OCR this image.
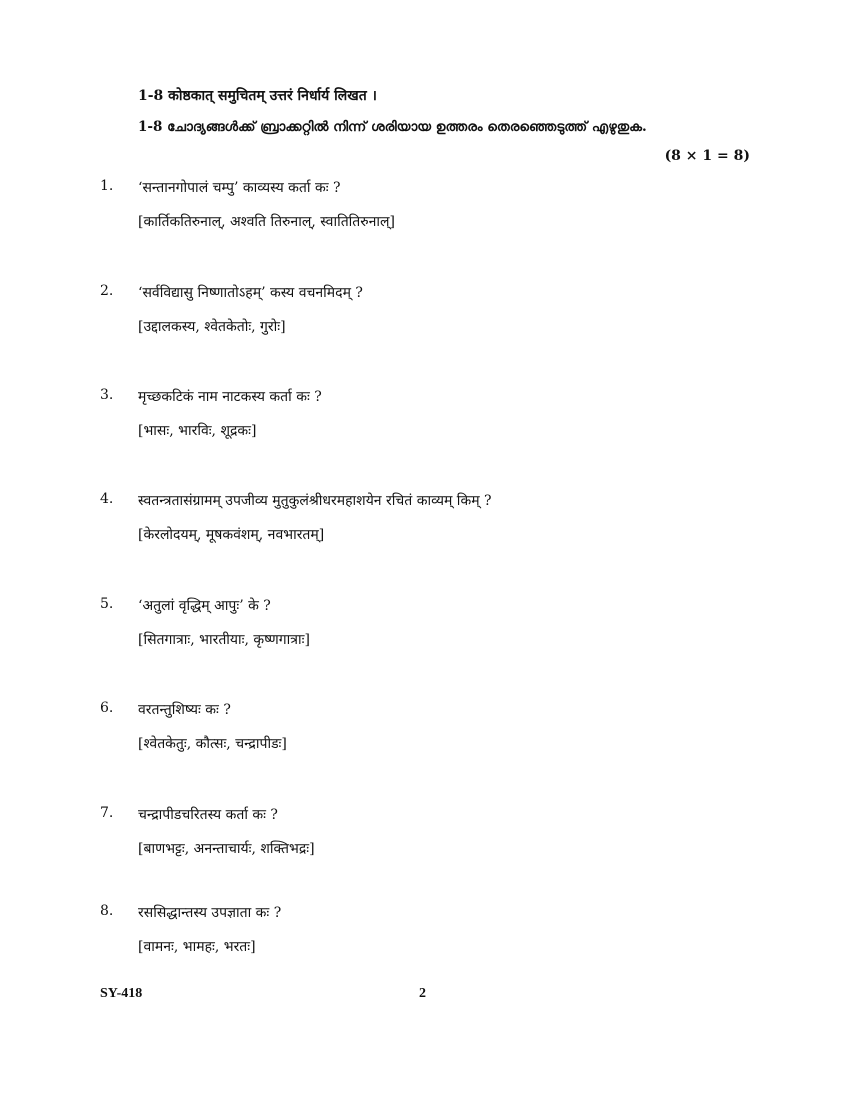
1-8 कोष्ठकात् समुचितम् उत्तरं निर्धार्य लिखत ।
1-8 ചോദ്യങ്ങൾക്ക് ബ്രാക്കറ്റിൽ നിന്ന് ശരിയായ ഉത്തരം തെരഞ്ഞെടുത്ത് എഴുതുക.
(8 × 1 = 8)
1. ‘सन्तानगोपालं चम्पु’ काव्यस्य कर्ता कः ?
[कार्तिकतिरुनाल्, अश्वति तिरुनाल्, स्वातितिरुनाल्]
2. ‘सर्वविद्यासु निष्णातोऽहम्’ कस्य वचनमिदम् ?
[उद्दालकस्य, श्वेतकेतोः, गुरोः]
3. मृच्छकटिकं नाम नाटकस्य कर्ता कः ?
[भासः, भारविः, शूद्रकः]
4. स्वतन्त्रतासंग्रामम् उपजीव्य मुतुकुलंश्रीधरमहाशयेन रचितं काव्यम् किम् ?
[केरलोदयम्, मूषकवंशम्, नवभारतम्]
5. ‘अतुलां वृद्धिम् आपुः’ के ?
[सितगात्राः, भारतीयाः, कृष्णगात्राः]
6. वरतन्तुशिष्यः कः ?
[श्वेतकेतुः, कौत्सः, चन्द्रापीडः]
7. चन्द्रापीडचरितस्य कर्ता कः ?
[बाणभट्टः, अनन्ताचार्यः, शक्तिभद्रः]
8. रससिद्धान्तस्य उपज्ञाता कः ?
[वामनः, भामहः, भरतः]
SY-418	2
